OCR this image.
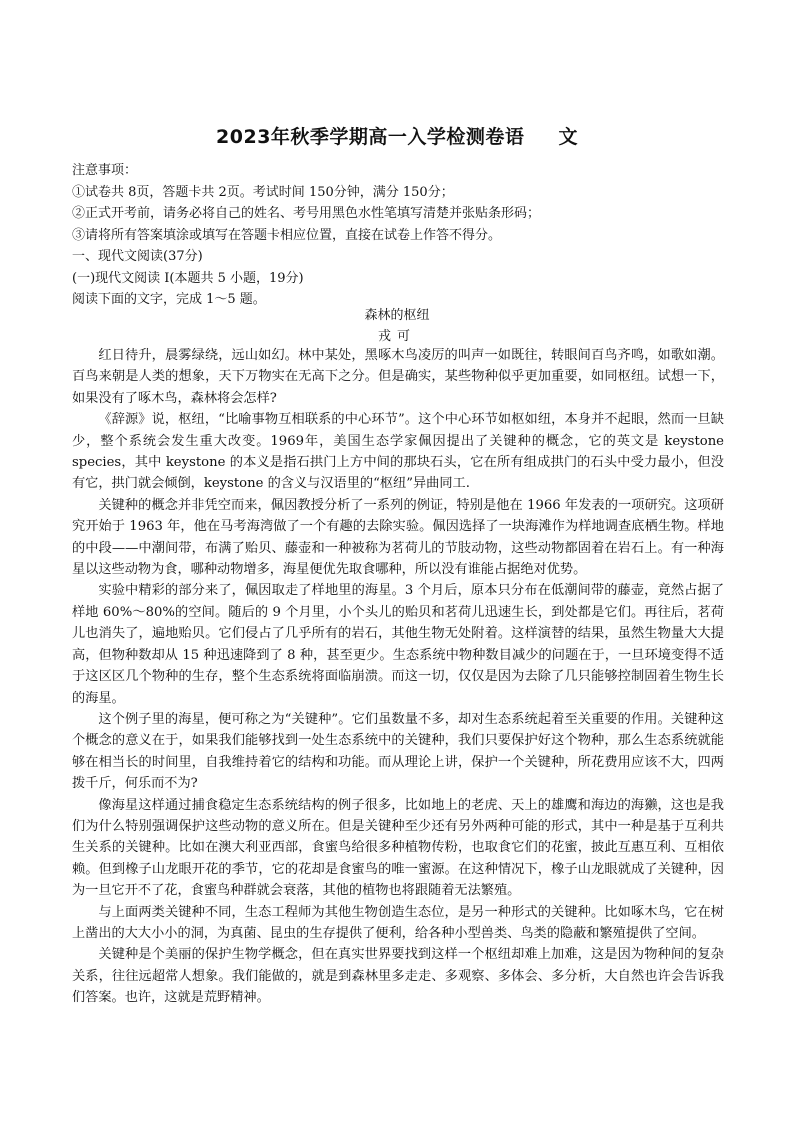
2023年秋季学期高一入学检测卷语 文
注意事项：
①试卷共 8页，答题卡共 2页。考试时间 150分钟，满分 150分；
②正式开考前，请务必将自己的姓名、考号用黑色水性笔填写清楚并张贴条形码；
③请将所有答案填涂或填写在答题卡相应位置，直接在试卷上作答不得分。
一、现代文阅读(37分)
(一)现代文阅读 I(本题共 5 小题，19分)
阅读下面的文字，完成 1～5 题。
森林的枢纽
戎可

红日待升，晨雾绿绕，远山如幻。林中某处，黑啄木鸟凌厉的叫声一如既往，转眼间百鸟齐鸣，如歌如潮。百鸟来朝是人类的想象，天下万物实在无高下之分。但是确实，某些物种似乎更加重要，如同枢纽。试想一下，如果没有了啄木鸟，森林将会怎样?

《辞源》说，枢纽，“比喻事物互相联系的中心环节”。这个中心环节如枢如纽，本身并不起眼，然而一旦缺少，整个系统会发生重大改变。1969年，美国生态学家佩因提出了关键种的概念，它的英文是 keystone species，其中 keystone 的本义是指石拱门上方中间的那块石头，它在所有组成拱门的石头中受力最小，但没有它，拱门就会倾倒，keystone 的含义与汉语里的“枢纽”异曲同工.

关键种的概念并非凭空而来，佩因教授分析了一系列的例证，特别是他在 1966 年发表的一项研究。这项研究开始于 1963 年，他在马考海湾做了一个有趣的去除实验。佩因选择了一块海滩作为样地调查底栖生物。样地的中段——中潮间带，布满了贻贝、藤壶和一种被称为茗荷儿的节肢动物，这些动物都固着在岩石上。有一种海星以这些动物为食，哪种动物增多，海星便优先取食哪种，所以没有谁能占据绝对优势。

实验中精彩的部分来了，佩因取走了样地里的海星。3 个月后，原本只分布在低潮间带的藤壶，竟然占据了样地 60%～80%的空间。随后的 9 个月里，小个头儿的贻贝和茗荷儿迅速生长，到处都是它们。再往后，茗荷儿也消失了，遍地贻贝。它们侵占了几乎所有的岩石，其他生物无处附着。这样演替的结果，虽然生物量大大提高，但物种数却从 15 种迅速降到了 8 种，甚至更少。生态系统中物种数目减少的问题在于，一旦环境变得不适于这区区几个物种的生存，整个生态系统将面临崩溃。而这一切，仅仅是因为去除了几只能够控制固着生物生长的海星。

这个例子里的海星，便可称之为“关键种”。它们虽数量不多，却对生态系统起着至关重要的作用。关键种这个概念的意义在于，如果我们能够找到一处生态系统中的关键种，我们只要保护好这个物种，那么生态系统就能够在相当长的时间里，自我维持着它的结构和功能。而从理论上讲，保护一个关键种，所花费用应该不大，四两拨千斤，何乐而不为?

像海星这样通过捕食稳定生态系统结构的例子很多，比如地上的老虎、天上的雄鹰和海边的海獭，这也是我们为什么特别强调保护这些动物的意义所在。但是关键种至少还有另外两种可能的形式，其中一种是基于互利共生关系的关键种。比如在澳大利亚西部，食蜜鸟给很多种植物传粉，也取食它们的花蜜，披此互惠互利、互相依赖。但到橡子山龙眼开花的季节，它的花却是食蜜鸟的唯一蜜源。在这种情况下，橡子山龙眼就成了关键种，因为一旦它开不了花，食蜜鸟种群就会衰落，其他的植物也将跟随着无法繁殖。

与上面两类关键种不同，生态工程师为其他生物创造生态位，是另一种形式的关键种。比如啄木鸟，它在树上凿出的大大小小的洞，为真菌、昆虫的生存提供了便利，给各种小型兽类、鸟类的隐蔽和繁殖提供了空间。

关键种是个美丽的保护生物学概念，但在真实世界要找到这样一个枢纽却难上加难，这是因为物种间的复杂关系，往往远超常人想象。我们能做的，就是到森林里多走走、多观察、多体会、多分析，大自然也许会告诉我们答案。也许，这就是荒野精神。
